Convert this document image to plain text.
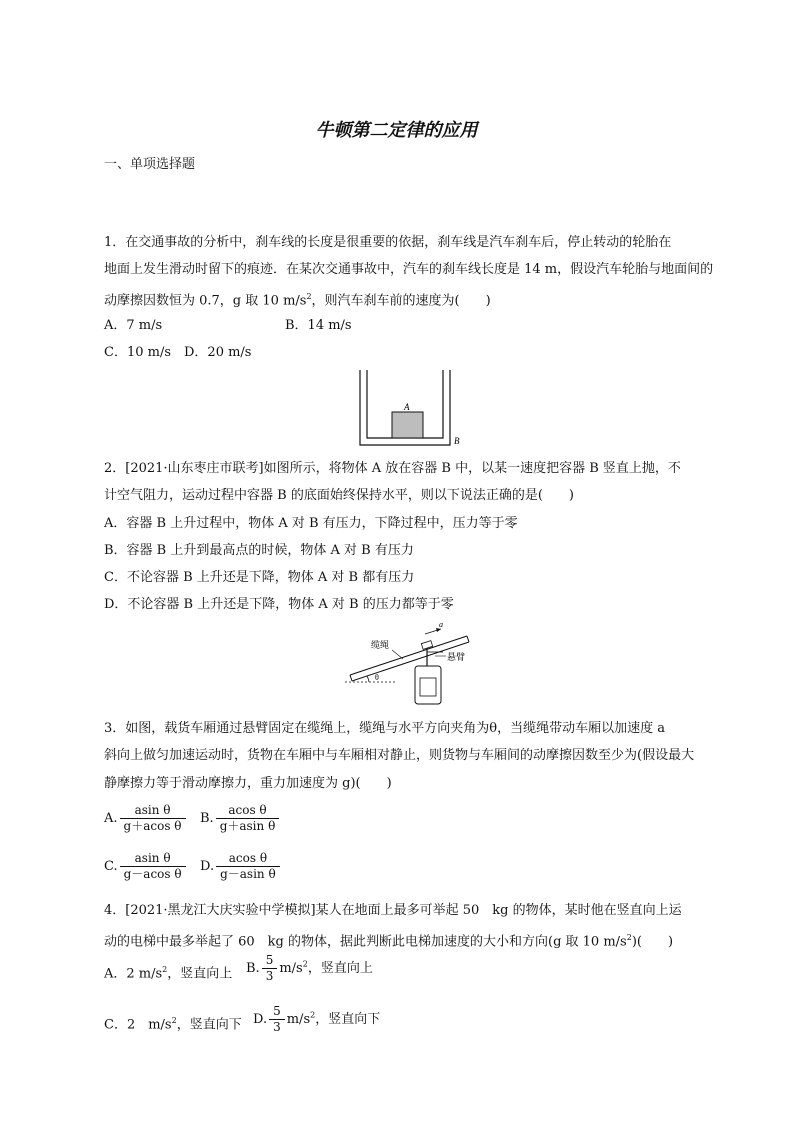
牛顿第二定律的应用
一、单项选择题
1．在交通事故的分析中，刹车线的长度是很重要的依据，刹车线是汽车刹车后，停止转动的轮胎在
地面上发生滑动时留下的痕迹．在某次交通事故中，汽车的刹车线长度是 14 m，假设汽车轮胎与地面间的
动摩擦因数恒为 0.7，g 取 10 $m/s^2$，则汽车刹车前的速度为(　　)
A．7 m/s	B．14 m/s
C．10 m/s　D．20 m/s
A
B
2．[2021·山东枣庄市联考]如图所示，将物体 A 放在容器 B 中，以某一速度把容器 B 竖直上抛，不
计空气阻力，运动过程中容器 B 的底面始终保持水平，则以下说法正确的是(　　)
A．容器 B 上升过程中，物体 A 对 B 有压力，下降过程中，压力等于零
B．容器 B 上升到最高点的时候，物体 A 对 B 有压力
C．不论容器 B 上升还是下降，物体 A 对 B 都有压力
D．不论容器 B 上升还是下降，物体 A 对 B 的压力都等于零
θ
a
缆绳
悬臂
3．如图，载货车厢通过悬臂固定在缆绳上，缆绳与水平方向夹角为θ，当缆绳带动车厢以加速度 a
斜向上做匀加速运动时，货物在车厢中与车厢相对静止，则货物与车厢间的动摩擦因数至少为(假设最大
静摩擦力等于滑动摩擦力，重力加速度为 g)(　　)
A. $\frac{\text{asin θ}}{\text{g＋acos θ}} B$. $\frac{\text{acos θ}}{\text{g＋asin θ}}$
C. $\frac{\text{asin θ}}{\text{g－acos θ}} D$. $\frac{\text{acos θ}}{\text{g－asin θ}}$
4．[2021·黑龙江大庆实验中学模拟]某人在地面上最多可举起 50　kg 的物体，某时他在竖直向上运
动的电梯中最多举起了 60　kg 的物体，据此判断此电梯加速度的大小和方向(g 取 10 $m/s^2$)(　　)
A．2 $m/s^2$，竖直向上 B. $\frac{5}{3} m/s^2$，竖直向上
C．2　$m/s^2$，竖直向下 D. $\frac{5}{3} m/s^2$，竖直向下
